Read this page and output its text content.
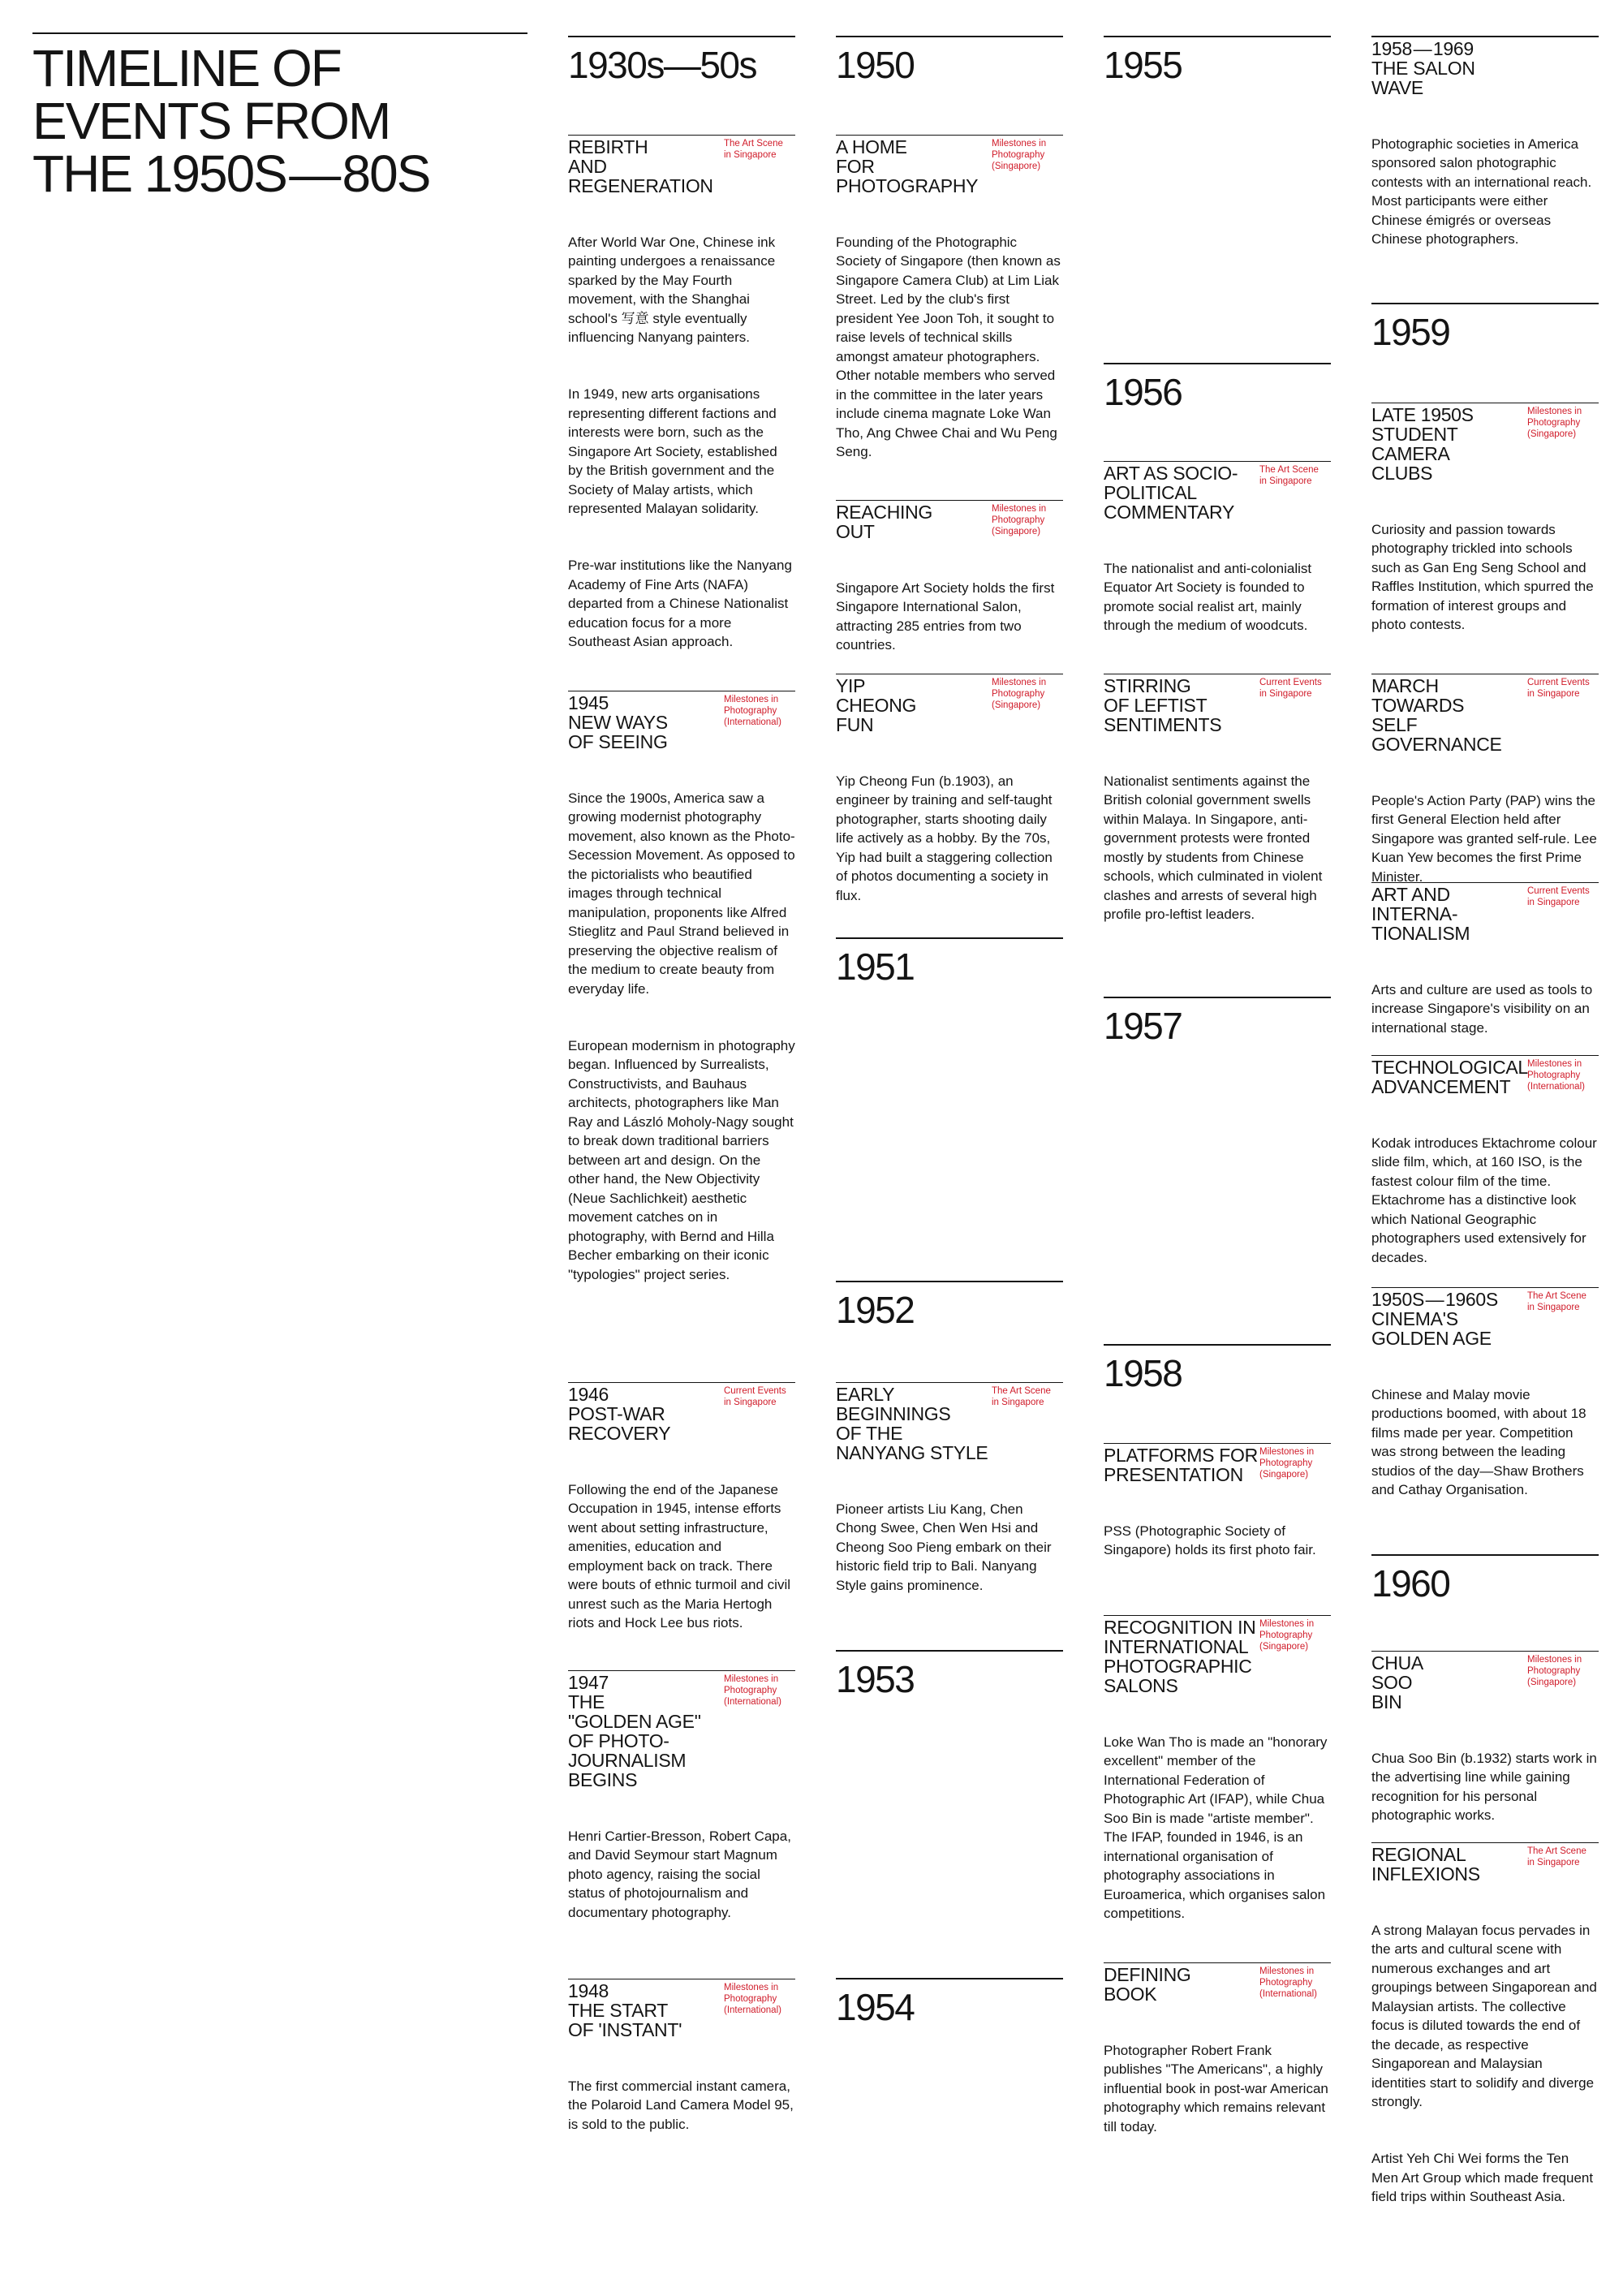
TIMELINE OF
EVENTS FROM
THE 1950S — 80S
1930s—50s
REBIRTH
AND
REGENERATION
The Art Scene
in Singapore

After World War One, Chinese ink painting undergoes a renaissance sparked by the May Fourth movement, with the Shanghai school's 写意 style eventually influencing Nanyang painters.

In 1949, new arts organisations representing different factions and interests were born, such as the Singapore Art Society, established by the British government and the Society of Malay artists, which represented Malayan solidarity.

Pre-war institutions like the Nanyang Academy of Fine Arts (NAFA) departed from a Chinese Nationalist education focus for a more Southeast Asian approach.

1945
NEW WAYS
OF SEEING
Milestones in
Photography
(International)

Since the 1900s, America saw a growing modernist photography movement, also known as the Photo-Secession Movement. As opposed to the pictorialists who beautified images through technical manipulation, proponents like Alfred Stieglitz and Paul Strand believed in preserving the objective realism of the medium to create beauty from everyday life.

European modernism in photography began. Influenced by Surrealists, Constructivists, and Bauhaus architects, photographers like Man Ray and László Moholy-Nagy sought to break down traditional barriers between art and design. On the other hand, the New Objectivity (Neue Sachlichkeit) aesthetic movement catches on in photography, with Bernd and Hilla Becher embarking on their iconic "typologies" project series.

1946
POST-WAR
RECOVERY
Current Events
in Singapore

Following the end of the Japanese Occupation in 1945, intense efforts went about setting infrastructure, amenities, education and employment back on track. There were bouts of ethnic turmoil and civil unrest such as the Maria Hertogh riots and Hock Lee bus riots.

1947
THE
"GOLDEN AGE"
OF PHOTO-
JOURNALISM
BEGINS
Milestones in
Photography
(International)

Henri Cartier-Bresson, Robert Capa, and David Seymour start Magnum photo agency, raising the social status of photojournalism and documentary photography.

1948
THE START
OF 'INSTANT'
Milestones in
Photography
(International)

The first commercial instant camera, the Polaroid Land Camera Model 95, is sold to the public.

1950
A HOME
FOR
PHOTOGRAPHY
Milestones in
Photography
(Singapore)

Founding of the Photographic Society of Singapore (then known as Singapore Camera Club) at Lim Liak Street. Led by the club's first president Yee Joon Toh, it sought to raise levels of technical skills amongst amateur photographers. Other notable members who served in the committee in the later years include cinema magnate Loke Wan Tho, Ang Chwee Chai and Wu Peng Seng.

REACHING
OUT
Milestones in
Photography
(Singapore)

Singapore Art Society holds the first Singapore International Salon, attracting 285 entries from two countries.

YIP
CHEONG
FUN
Milestones in
Photography
(Singapore)

Yip Cheong Fun (b.1903), an engineer by training and self-taught photographer, starts shooting daily life actively as a hobby. By the 70s, Yip had built a staggering collection of photos documenting a society in flux.

1951
1952
EARLY
BEGINNINGS
OF THE
NANYANG STYLE
The Art Scene
in Singapore

Pioneer artists Liu Kang, Chen Chong Swee, Chen Wen Hsi and Cheong Soo Pieng embark on their historic field trip to Bali. Nanyang Style gains prominence.

1953
1954
1955
1956
ART AS SOCIO-
POLITICAL
COMMENTARY
The Art Scene
in Singapore

The nationalist and anti-colonialist Equator Art Society is founded to promote social realist art, mainly through the medium of woodcuts.

STIRRING
OF LEFTIST
SENTIMENTS
Current Events
in Singapore

Nationalist sentiments against the British colonial government swells within Malaya. In Singapore, anti-government protests were fronted mostly by students from Chinese schools, which culminated in violent clashes and arrests of several high profile pro-leftist leaders.

1957
1958
PLATFORMS FOR
PRESENTATION
Milestones in
Photography
(Singapore)

PSS (Photographic Society of Singapore) holds its first photo fair.

RECOGNITION IN
INTERNATIONAL
PHOTOGRAPHIC
SALONS
Milestones in
Photography
(Singapore)

Loke Wan Tho is made an "honorary excellent" member of the International Federation of Photographic Art (IFAP), while Chua Soo Bin is made "artiste member". The IFAP, founded in 1946, is an international organisation of photography associations in Euroamerica, which organises salon competitions.

DEFINING
BOOK
Milestones in
Photography
(International)

Photographer Robert Frank publishes "The Americans", a highly influential book in post-war American photography which remains relevant till today.

1958 — 1969
THE SALON
WAVE

Photographic societies in America sponsored salon photographic contests with an international reach. Most participants were either Chinese émigrés or overseas Chinese photographers.

1959
LATE 1950S
STUDENT
CAMERA
CLUBS
Milestones in
Photography
(Singapore)

Curiosity and passion towards photography trickled into schools such as Gan Eng Seng School and Raffles Institution, which spurred the formation of interest groups and photo contests.

MARCH
TOWARDS
SELF GOVERNANCE
Current Events
in Singapore

People's Action Party (PAP) wins the first General Election held after Singapore was granted self-rule. Lee Kuan Yew becomes the first Prime Minister.

ART AND
INTERNA-
TIONALISM
Current Events
in Singapore

Arts and culture are used as tools to increase Singapore's visibility on an international stage.

TECHNOLOGICAL
ADVANCEMENT
Milestones in
Photography
(International)

Kodak introduces Ektachrome colour slide film, which, at 160 ISO, is the fastest colour film of the time. Ektachrome has a distinctive look which National Geographic photographers used extensively for decades.

1950S — 1960S
CINEMA'S
GOLDEN AGE
The Art Scene
in Singapore

Chinese and Malay movie productions boomed, with about 18 films made per year. Competition was strong between the leading studios of the day—Shaw Brothers and Cathay Organisation.

1960
CHUA
SOO
BIN
Milestones in
Photography
(Singapore)

Chua Soo Bin (b.1932) starts work in the advertising line while gaining recognition for his personal photographic works.

REGIONAL
INFLEXIONS
The Art Scene
in Singapore

A strong Malayan focus pervades in the arts and cultural scene with numerous exchanges and art groupings between Singaporean and Malaysian artists. The collective focus is diluted towards the end of the decade, as respective Singaporean and Malaysian identities start to solidify and diverge strongly.

Artist Yeh Chi Wei forms the Ten Men Art Group which made frequent field trips within Southeast Asia.
